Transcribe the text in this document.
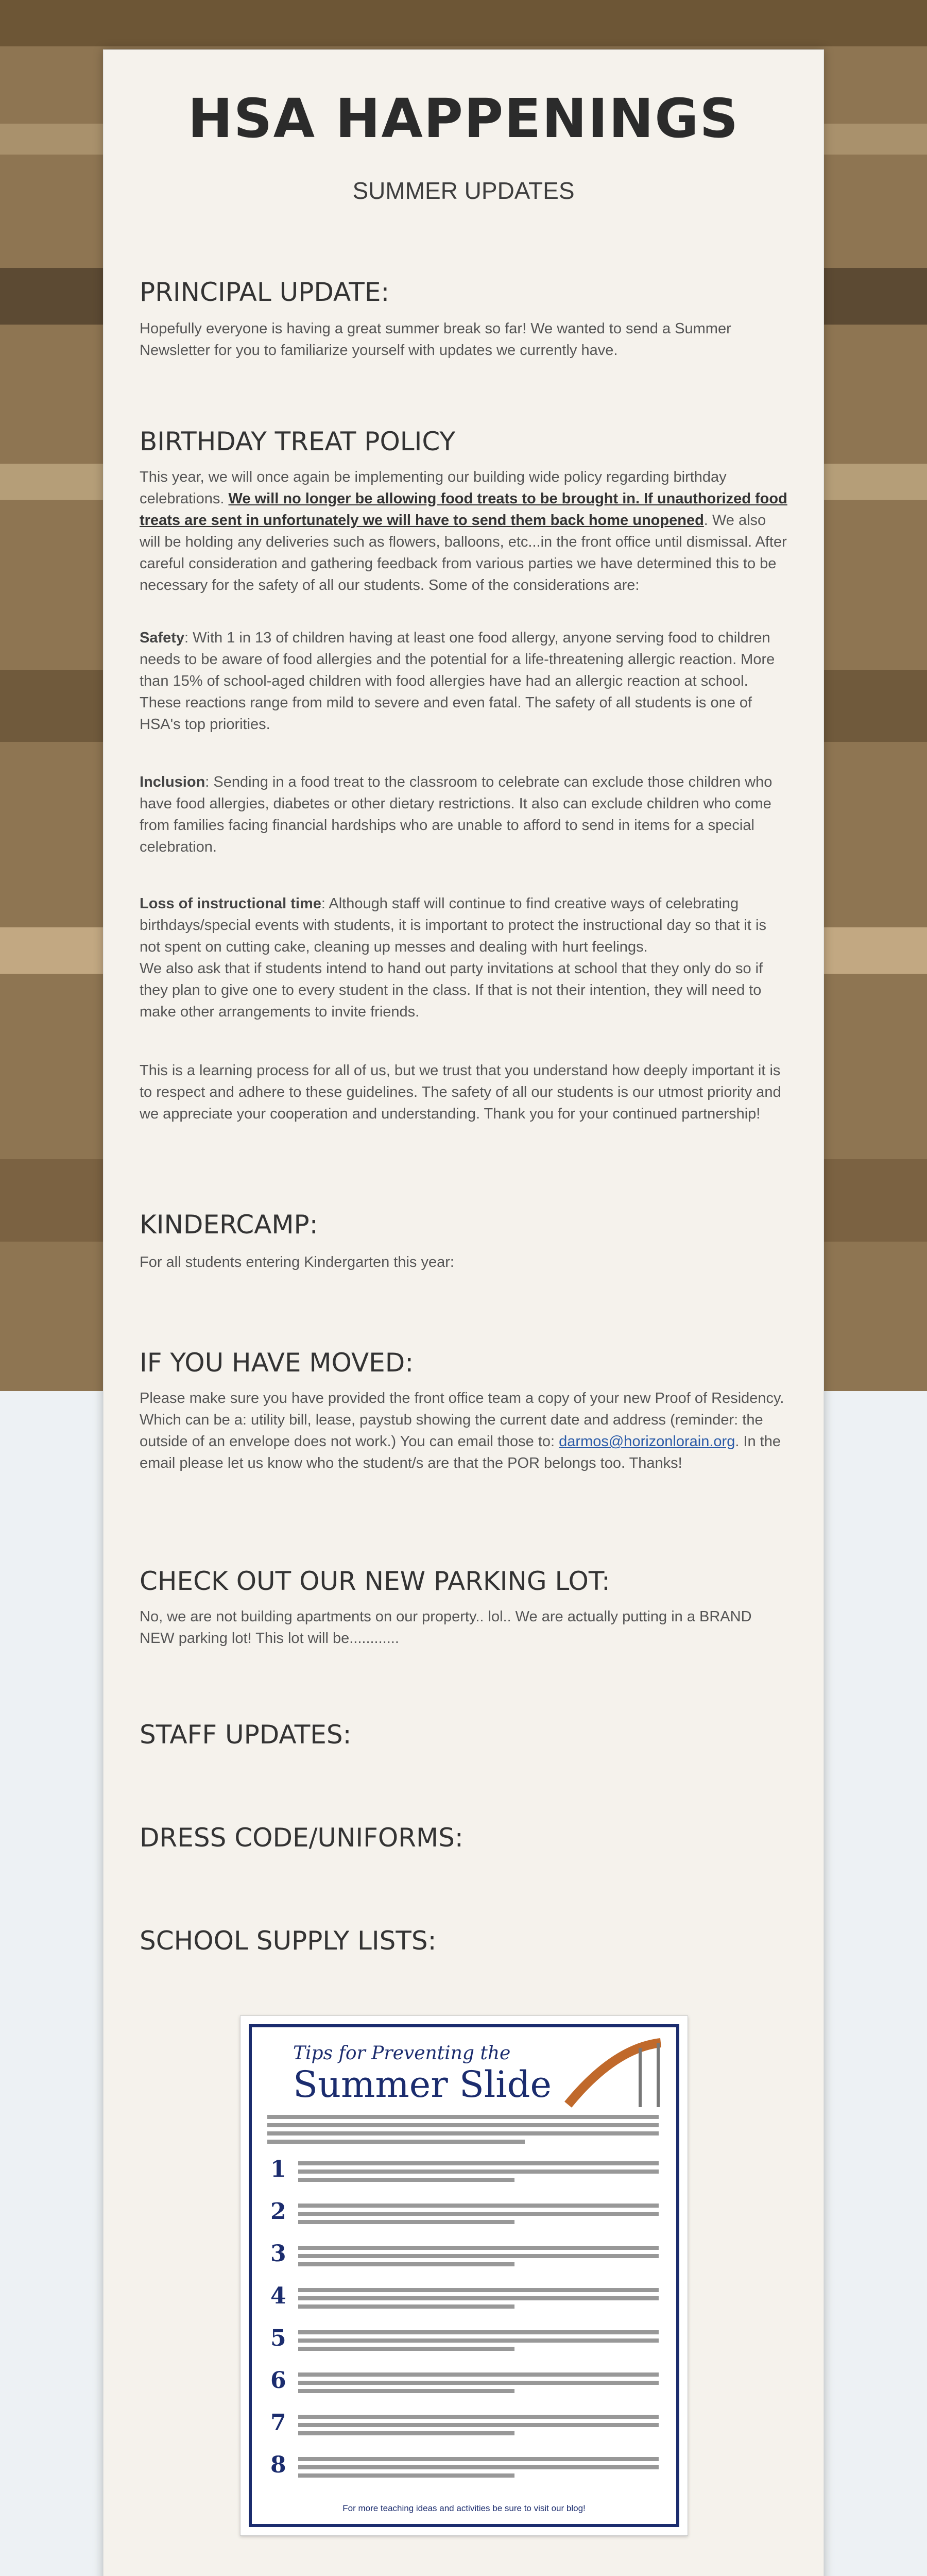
HSA HAPPENINGS
SUMMER UPDATES
PRINCIPAL UPDATE:
Hopefully everyone is having a great summer break so far! We wanted to send a Summer Newsletter for you to familiarize yourself with updates we currently have.
BIRTHDAY TREAT POLICY
This year, we will once again be implementing our building wide policy regarding birthday celebrations. We will no longer be allowing food treats to be brought in. If unauthorized food treats are sent in unfortunately we will have to send them back home unopened. We also will be holding any deliveries such as flowers, balloons, etc...in the front office until dismissal. After careful consideration and gathering feedback from various parties we have determined this to be necessary for the safety of all our students. Some of the considerations are:
Safety: With 1 in 13 of children having at least one food allergy, anyone serving food to children needs to be aware of food allergies and the potential for a life-threatening allergic reaction. More than 15% of school-aged children with food allergies have had an allergic reaction at school. These reactions range from mild to severe and even fatal. The safety of all students is one of HSA's top priorities.
Inclusion: Sending in a food treat to the classroom to celebrate can exclude those children who have food allergies, diabetes or other dietary restrictions. It also can exclude children who come from families facing financial hardships who are unable to afford to send in items for a special celebration.
Loss of instructional time: Although staff will continue to find creative ways of celebrating birthdays/special events with students, it is important to protect the instructional day so that it is not spent on cutting cake, cleaning up messes and dealing with hurt feelings.
We also ask that if students intend to hand out party invitations at school that they only do so if they plan to give one to every student in the class. If that is not their intention, they will need to make other arrangements to invite friends.
This is a learning process for all of us, but we trust that you understand how deeply important it is to respect and adhere to these guidelines. The safety of all our students is our utmost priority and we appreciate your cooperation and understanding. Thank you for your continued partnership!
KINDERCAMP:
For all students entering Kindergarten this year:
IF YOU HAVE MOVED:
Please make sure you have provided the front office team a copy of your new Proof of Residency. Which can be a: utility bill, lease, paystub showing the current date and address (reminder: the outside of an envelope does not work.) You can email those to: darmos@horizonlorain.org. In the email please let us know who the student/s are that the POR belongs too. Thanks!
CHECK OUT OUR NEW PARKING LOT:
No, we are not building apartments on our property.. lol.. We are actually putting in a BRAND NEW parking lot! This lot will be............
STAFF UPDATES:
DRESS CODE/UNIFORMS:
SCHOOL SUPPLY LISTS:
Tips for Preventing the
Summer Slide
1
2
3
4
5
6
7
8
For more teaching ideas and activities be sure to visit our blog!
